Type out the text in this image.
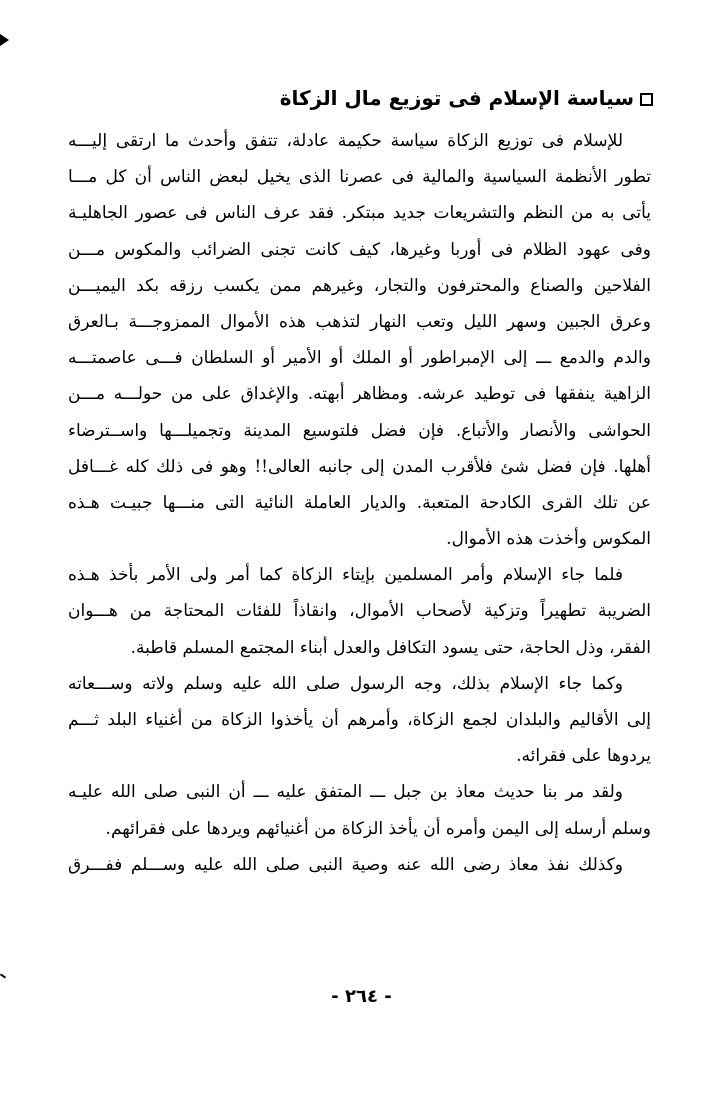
سياسة الإسلام فى توزيع مال الزكاة

للإسلام فى توزيع الزكاة سياسة حكيمة عادلة، تتفق وأحدث ما ارتقى إليـــه
تطور الأنظمة السياسية والمالية فى عصرنا الذى يخيل لبعض الناس أن كل مـــا
يأتى به من النظم والتشريعات جديد مبتكر. فقد عرف الناس فى عصور الجاهليـة
وفى عهود الظلام فى أوربا وغيرها، كيف كانت تجنى الضرائب والمكوس مـــن
الفلاحين والصناع والمحترفون والتجار، وغيرهم ممن يكسب رزقه بكد اليميـــن
وعرق الجبين وسهر الليل وتعب النهار لتذهب هذه الأموال الممزوجـــة بـالعرق
والدم والدمع ـــ إلى الإمبراطور أو الملك أو الأمير أو السلطان فـــى عاصمتـــه
الزاهية ينفقها فى توطيد عرشه. ومظاهر أبهته. والإغداق على من حولـــه مـــن
الحواشى والأنصار والأتباع. فإن فضل فلتوسيع المدينة وتجميلـــها واســترضاء
أهلها. فإن فضل شئ فلأقرب المدن إلى جانبه العالى!! وهو فى ذلك كله غـــافل
عن تلك القرى الكادحة المتعبة. والديار العاملة النائية التى منـــها جبيـت هـذه
المكوس وأخذت هذه الأموال.

فلما جاء الإسلام وأمر المسلمين بإيتاء الزكاة كما أمر ولى الأمر بأخذ هـذه
الضريبة تطهيراً وتزكية لأصحاب الأموال، وانقاذاً للفئات المحتاجة من هـــوان
الفقر، وذل الحاجة، حتى يسود التكافل والعدل أبناء المجتمع المسلم قاطبة.

وكما جاء الإسلام بذلك، وجه الرسول صلى الله عليه وسلم ولاته وســـعاته
إلى الأقاليم والبلدان لجمع الزكاة، وأمرهم أن يأخذوا الزكاة من أغنياء البلد ثـــم
يردوها على فقرائه.

ولقد مر بنا حديث معاذ بن جبل ـــ المتفق عليه ـــ أن النبى صلى الله عليـه
وسلم أرسله إلى اليمن وأمره أن يأخذ الزكاة من أغنيائهم ويردها على فقرائهم.

وكذلك نفذ معاذ رضى الله عنه وصية النبى صلى الله عليه وســـلم ففـــرق

- ٢٦٤ -
